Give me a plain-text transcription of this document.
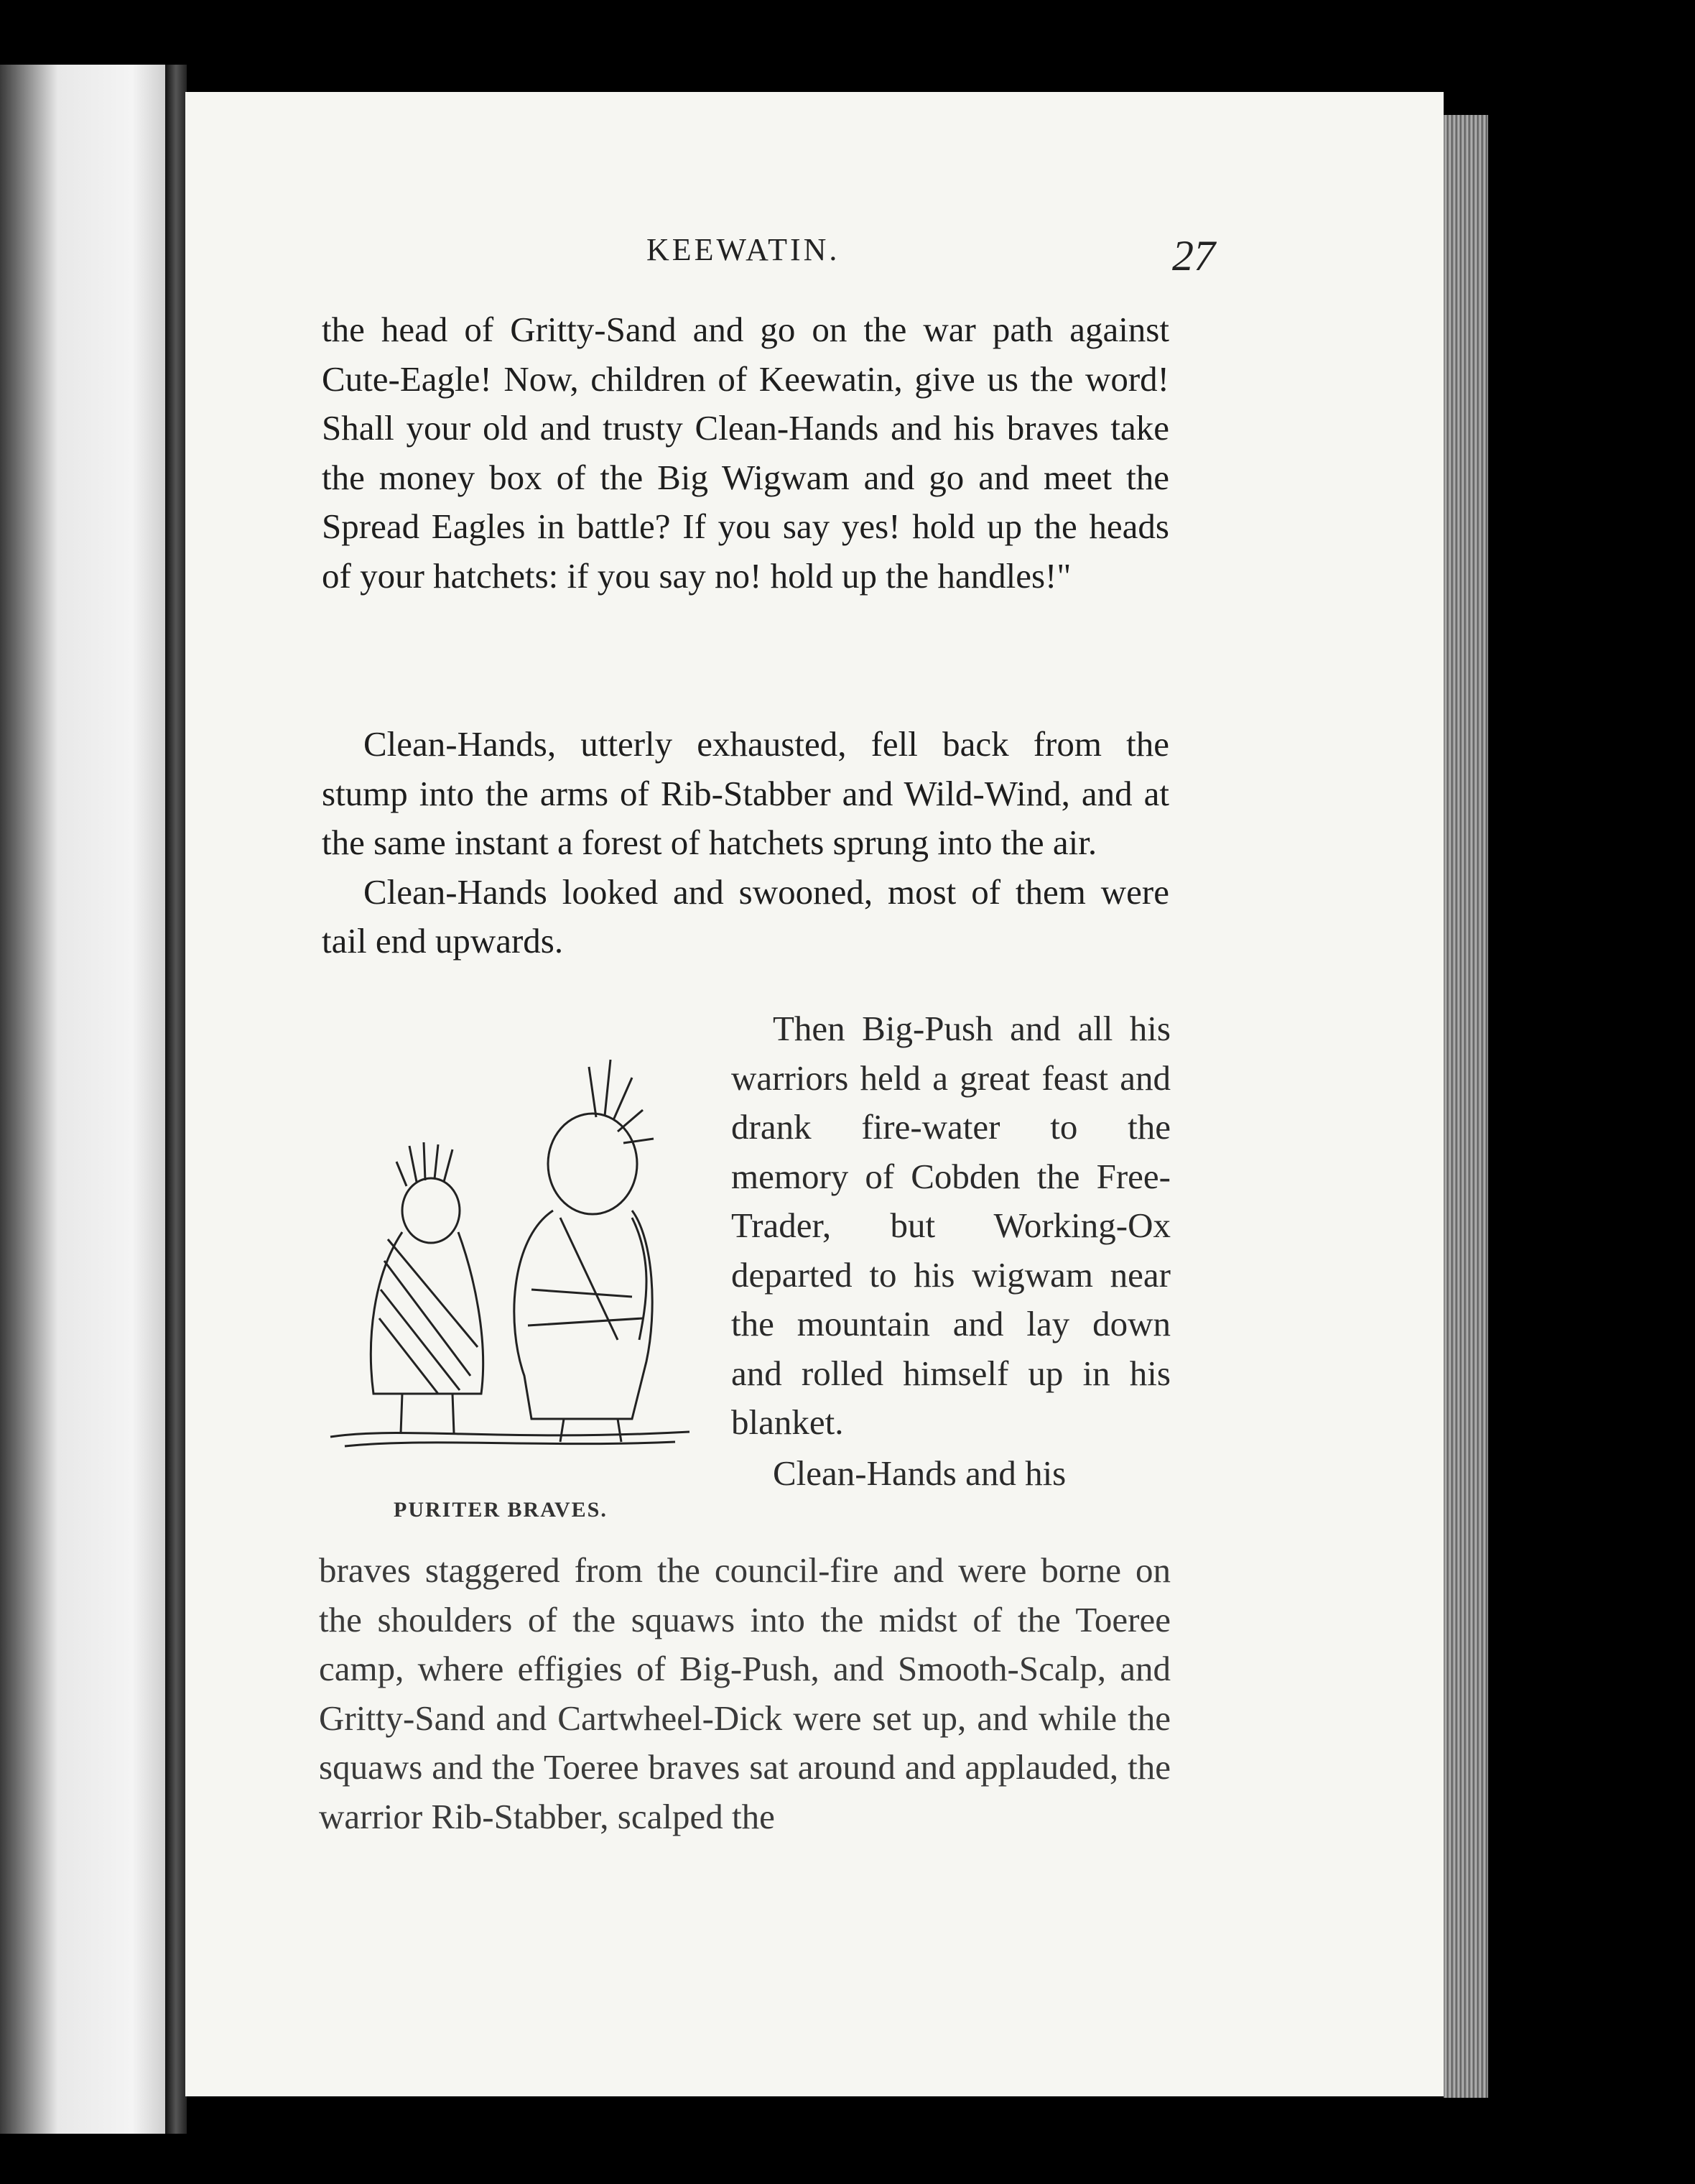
KEEWATIN.	27

the head of Gritty-Sand and go on the war path against Cute-Eagle! Now, children of Keewatin, give us the word! Shall your old and trusty Clean-Hands and his braves take the money box of the Big Wigwam and go and meet the Spread Eagles in battle? If you say yes! hold up the heads of your hatchets: if you say no! hold up the handles!"

Clean-Hands, utterly exhausted, fell back from the stump into the arms of Rib-Stabber and Wild-Wind, and at the same instant a forest of hatchets sprung into the air.

Clean-Hands looked and swooned, most of them were tail end upwards.

PURITER BRAVES.

Then Big-Push and all his warriors held a great feast and drank fire-water to the memory of Cobden the Free-Trader, but Working-Ox departed to his wigwam near the mountain and lay down and rolled himself up in his blanket.

Clean-Hands and his

braves staggered from the council-fire and were borne on the shoulders of the squaws into the midst of the Toeree camp, where effigies of Big-Push, and Smooth-Scalp, and Gritty-Sand and Cartwheel-Dick were set up, and while the squaws and the Toeree braves sat around and applauded, the warrior Rib-Stabber, scalped the
